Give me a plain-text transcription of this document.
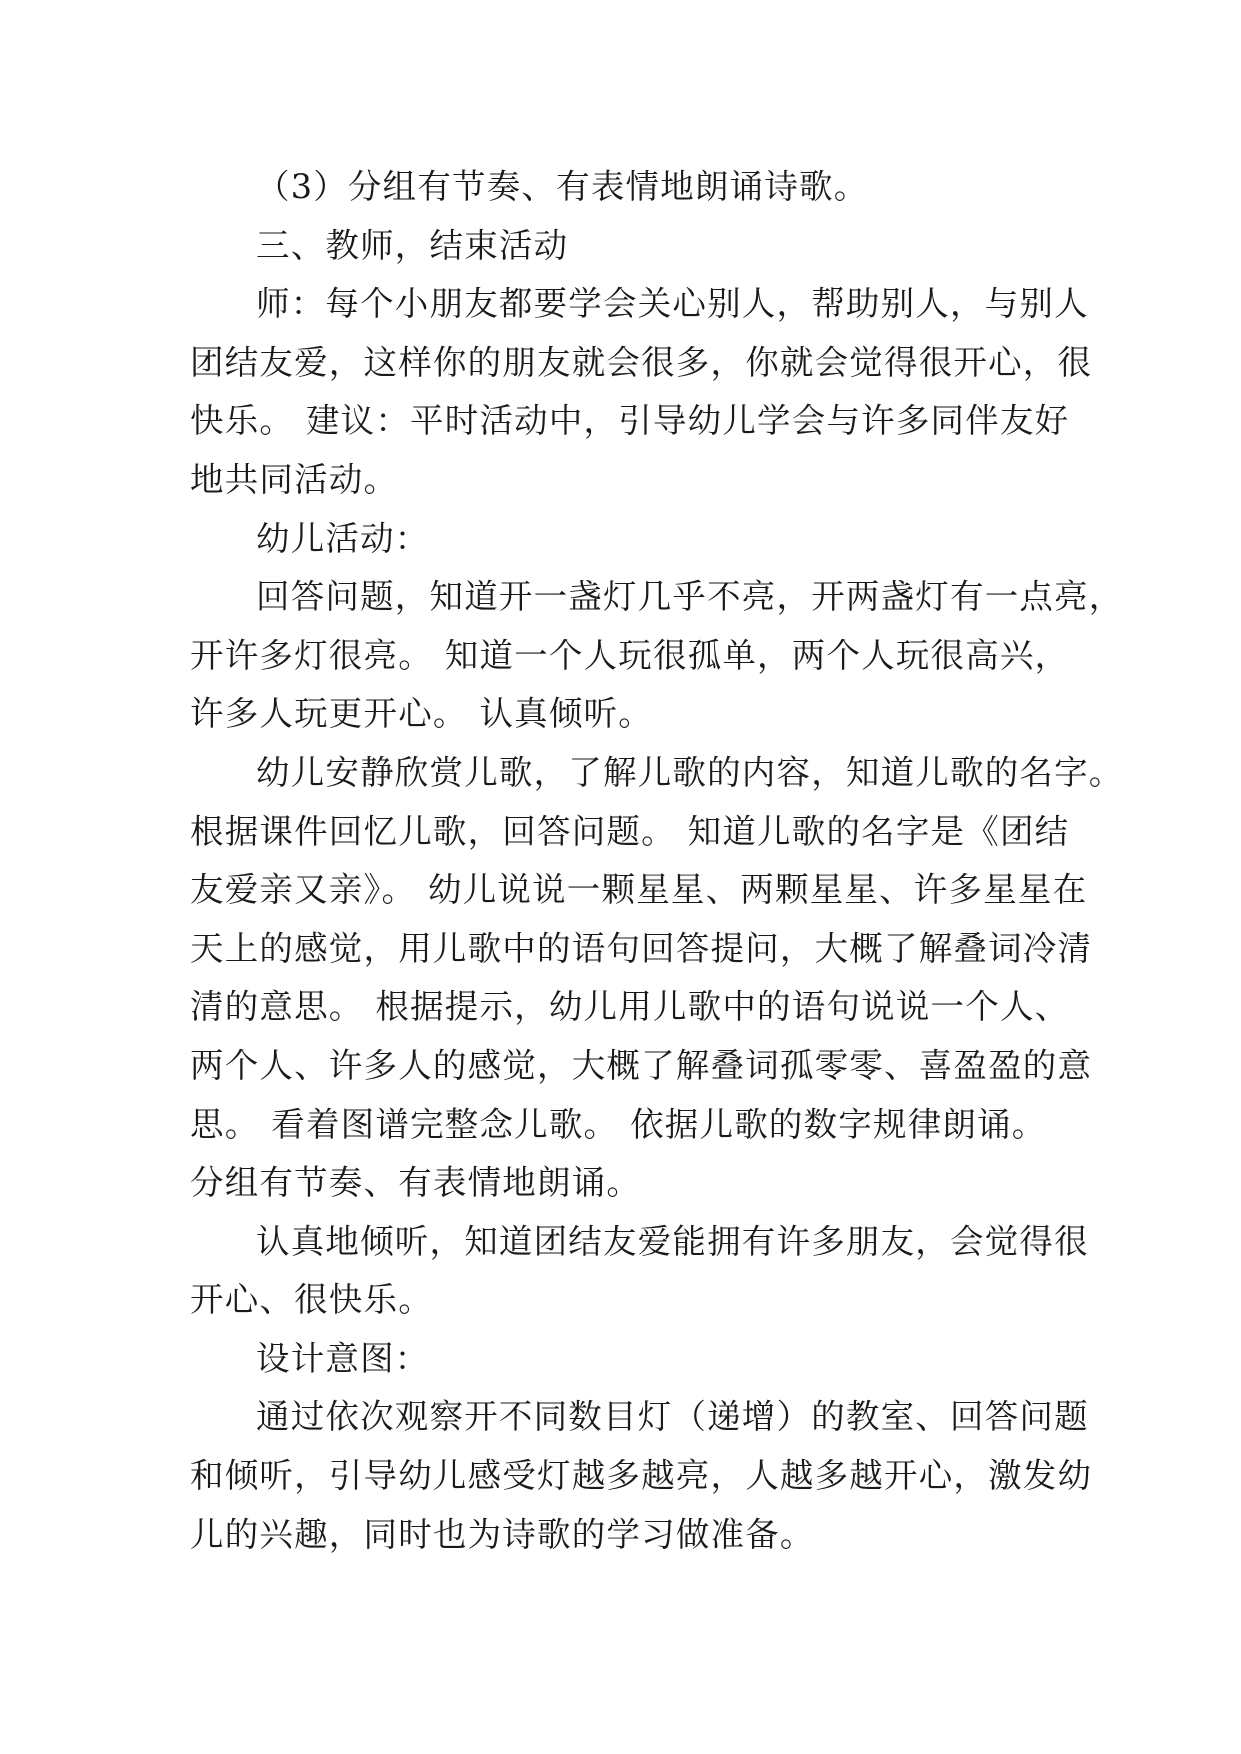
（3）分组有节奏、有表情地朗诵诗歌。

三、教师，结束活动

师：每个小朋友都要学会关心别人，帮助别人，与别人
团结友爱，这样你的朋友就会很多，你就会觉得很开心，很
快乐。 建议：平时活动中，引导幼儿学会与许多同伴友好
地共同活动。

幼儿活动：

回答问题，知道开一盏灯几乎不亮，开两盏灯有一点亮，
开许多灯很亮。 知道一个人玩很孤单，两个人玩很高兴，
许多人玩更开心。 认真倾听。

幼儿安静欣赏儿歌，了解儿歌的内容，知道儿歌的名字。
根据课件回忆儿歌，回答问题。 知道儿歌的名字是《团结
友爱亲又亲》。 幼儿说说一颗星星、两颗星星、许多星星在
天上的感觉，用儿歌中的语句回答提问，大概了解叠词冷清
清的意思。 根据提示，幼儿用儿歌中的语句说说一个人、
两个人、许多人的感觉，大概了解叠词孤零零、喜盈盈的意
思。 看着图谱完整念儿歌。 依据儿歌的数字规律朗诵。
分组有节奏、有表情地朗诵。

认真地倾听，知道团结友爱能拥有许多朋友，会觉得很
开心、很快乐。

设计意图：

通过依次观察开不同数目灯（递增）的教室、回答问题
和倾听，引导幼儿感受灯越多越亮，人越多越开心，激发幼
儿的兴趣，同时也为诗歌的学习做准备。
